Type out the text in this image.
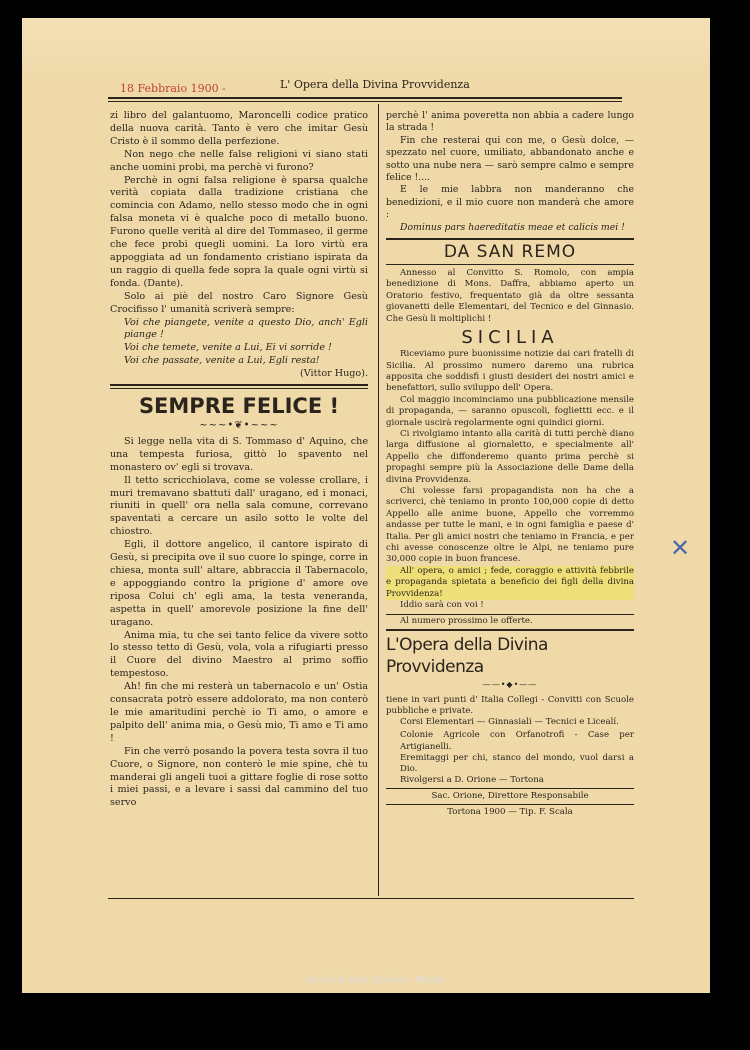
18 Febbraio 1900 -	L' Opera della Divina Provvidenza

zi libro del galantuomo, Maroncelli codice pratico della nuova carità. Tanto è vero che imitar Gesù Cristo è il sommo della perfezione.

Non nego che nelle false religioni vi siano stati anche uomini probi, ma perchè vi furono?

Perchè in ogni falsa religione è sparsa qualche verità copiata dalla tradizione cristiana che comincia con Adamo, nello stesso modo che in ogni falsa moneta vi è qualche poco di metallo buono. Furono quelle verità al dire del Tommaseo, il germe che fece probi quegli uomini. La loro virtù era appoggiata ad un fondamento cristiano ispirata da un raggio di quella fede sopra la quale ogni virtù si fonda. (Dante).

Solo ai piè del nostro Caro Signore Gesù Crocifisso l' umanità scriverà sempre:

Voi che piangete, venite a questo Dio, anch' Egli piange !

Voi che temete, venite a Lui, Ei vi sorride !

Voi che passate, venite a Lui, Egli resta!

(Vittor Hugo).

SEMPRE FELICE !
~~~•❦•~~~

Si legge nella vita di S. Tommaso d' Aquino, che una tempesta furiosa, gittò lo spavento nel monastero ov' egli si trovava.

Il tetto scricchiolava, come se volesse crollare, i muri tremavano sbattuti dall' uragano, ed i monaci, riuniti in quell' ora nella sala comune, correvano spaventati a cercare un asilo sotto le volte del chiostro.

Egli, il dottore angelico, il cantore ispirato di Gesù, si precipita ove il suo cuore lo spinge, corre in chiesa, monta sull' altare, abbraccia il Tabernacolo, e appoggiando contro la prigione d' amore ove riposa Colui ch' egli ama, la testa veneranda, aspetta in quell' amorevole posizione la fine dell' uragano.

Anima mia, tu che sei tanto felice da vivere sotto lo stesso tetto di Gesù, vola, vola a rifugiarti presso il Cuore del divino Maestro al primo soffio tempestoso.

Ah! fin che mi resterà un tabernacolo e un' Ostia consacrata potrò essere addolorato, ma non conterò le mie amaritudini perchè io Ti amo, o amore e palpito dell' anima mia, o Gesù mio, Ti amo e Ti amo !

Fin che verrò posando la povera testa sovra il tuo Cuore, o Signore, non conterò le mie spine, chè tu manderai gli angeli tuoi a gittare foglie di rose sotto i miei passi, e a levare i sassi dal cammino del tuo servo

perchè l' anima poveretta non abbia a cadere lungo la strada !

Fin che resterai qui con me, o Gesù dolce, — spezzato nel cuore, umiliato, abbandonato anche e sotto una nube nera — sarò sempre calmo e sempre felice !....

E le mie labbra non manderanno che benedizioni, e il mio cuore non manderà che amore :

Dominus pars haereditatis meae et calicis mei !

DA SAN REMO

Annesso al Convitto S. Romolo, con ampia benedizione di Mons. Daffra, abbiamo aperto un Oratorio festivo, frequentato già da oltre sessanta giovanetti delle Elementari, del Tecnico e del Ginnasio. Che Gesù li moltiplichi !

SICILIA

Riceviamo pure buonissime notizie dai cari fratelli di Sicilia. Al prossimo numero daremo una rubrica apposita che soddisfi i giusti desideri dei nostri amici e benefattori, sullo sviluppo dell' Opera.

Col maggio incominciamo una pubblicazione mensile di propaganda, — saranno opuscoli, fogliettti ecc. e il giornale uscirà regolarmente ogni quindici giorni.

Ci rivolgiamo intanto alla carità di tutti perchè diano larga diffusione al giornaletto, e specialmente all' Appello che diffonderemo quanto prima perchè si propaghi sempre più la Associazione delle Dame della divina Provvidenza.

Chi volesse farsi propagandista non ha che a scriverci, chè teniamo in pronto 100,000 copie di detto Appello alle anime buone, Appello che vorremmo andasse per tutte le mani, e in ogni famiglia e paese d' Italia. Per gli amici nostri che teniamo in Francia, e per chi avesse conoscenze oltre le Alpi, ne teniamo pure 30,000 copie in buon francese.

All' opera, o amici ; fede, coraggio e attività febbrile e propaganda spietata a beneficio dei figli della divina Provvidenza!

Iddio sarà con voi !

Al numero prossimo le offerte.

L'Opera della Divina Provvidenza
——•◆•——

tiene in vari punti d' Italia Collegi - Convitti con Scuole pubbliche e private.

Corsi Elementari — Ginnasiali — Tecnici e Licealí.

Colonie Agricole con Orfanotrofi - Case per Artigianelli.

Eremitaggi per chi, stanco del mondo, vuol darsi a Dio.

Rivolgersi a D. Orione — Tortona

Sac. Orione, Direttore Responsabile

Tortona 1900 — Tip. F. Scala

✕
Archivio Don Orione - Roma
